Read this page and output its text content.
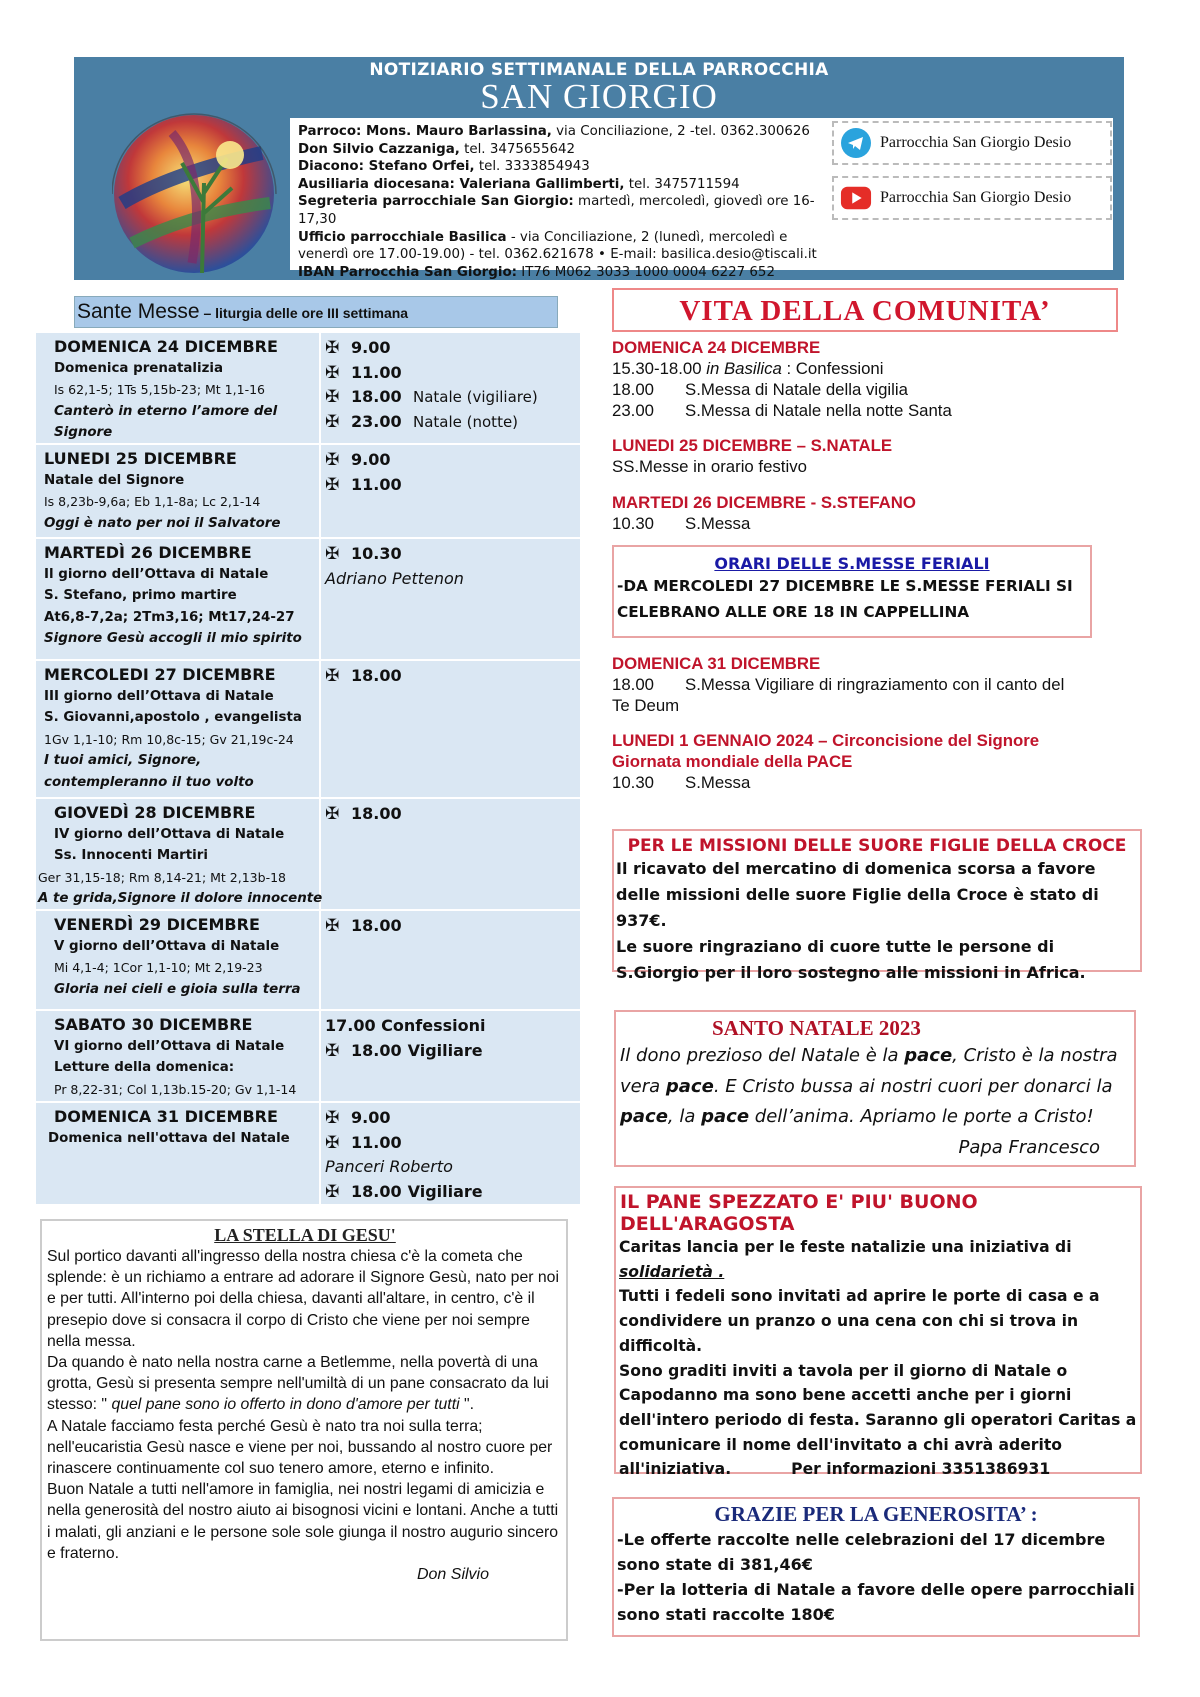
NOTIZIARIO SETTIMANALE DELLA PARROCCHIA
SAN GIORGIO
Parroco: Mons. Mauro Barlassina, via Conciliazione, 2 -tel. 0362.300626
Don Silvio Cazzaniga, tel. 3475655642
Diacono: Stefano Orfei, tel. 3333854943
Ausiliaria diocesana: Valeriana Gallimberti, tel. 3475711594
Segreteria parrocchiale San Giorgio: martedì, mercoledì, giovedì ore 16-17,30
Ufficio parrocchiale Basilica - via Conciliazione, 2 (lunedì, mercoledì e venerdì ore 17.00-19.00) - tel. 0362.621678 • E-mail: basilica.desio@tiscali.it
IBAN Parrocchia San Giorgio: IT76 M062 3033 1000 0004 6227 652
Parrocchia San Giorgio Desio
Parrocchia San Giorgio Desio
Sante Messe – liturgia delle ore III settimana
DOMENICA 24 DICEMBRE
Domenica prenatalizia
Is 62,1-5; 1Ts 5,15b-23; Mt 1,1-16
Canterò in eterno l’amore del Signore
✠ 9.00
✠ 11.00
✠ 18.00 Natale (vigiliare)
✠ 23.00 Natale (notte)
LUNEDI 25 DICEMBRE
Natale del Signore
Is 8,23b-9,6a; Eb 1,1-8a; Lc 2,1-14
Oggi è nato per noi il Salvatore
✠ 9.00
✠ 11.00
MARTEDÌ 26 DICEMBRE
Il giorno dell’Ottava di Natale
S. Stefano, primo martire
At6,8-7,2a; 2Tm3,16; Mt17,24-27
Signore Gesù accogli il mio spirito
✠ 10.30
Adriano Pettenon
MERCOLEDI 27 DICEMBRE
III giorno dell’Ottava di Natale
S. Giovanni,apostolo , evangelista
1Gv 1,1-10; Rm 10,8c-15; Gv 21,19c-24
I tuoi amici, Signore, contempleranno il tuo volto
✠ 18.00
GIOVEDÌ 28 DICEMBRE
IV giorno dell’Ottava di Natale
Ss. Innocenti Martiri
Ger 31,15-18; Rm 8,14-21; Mt 2,13b-18
A te grida,Signore il dolore innocente
✠ 18.00
VENERDÌ 29 DICEMBRE
V giorno dell’Ottava di Natale
Mi 4,1-4; 1Cor 1,1-10; Mt 2,19-23
Gloria nei cieli e gioia sulla terra
✠ 18.00
SABATO 30 DICEMBRE
VI giorno dell’Ottava di Natale
Letture della domenica:
Pr 8,22-31; Col 1,13b.15-20; Gv 1,1-14
17.00 Confessioni
✠ 18.00 Vigiliare
DOMENICA 31 DICEMBRE
Domenica nell'ottava del Natale
✠ 9.00
✠ 11.00
Panceri Roberto
✠ 18.00 Vigiliare
LA STELLA DI GESU'

Sul portico davanti all'ingresso della nostra chiesa c'è la cometa che splende: è un richiamo a entrare ad adorare il Signore Gesù, nato per noi e per tutti. All'interno poi della chiesa, davanti all'altare, in centro, c'è il presepio dove si consacra il corpo di Cristo che viene per noi sempre nella messa.

Da quando è nato nella nostra carne a Betlemme, nella povertà di una grotta, Gesù si presenta sempre nell'umiltà di un pane consacrato da lui stesso: " quel pane sono io offerto in dono d'amore per tutti ".

A Natale facciamo festa perché Gesù è nato tra noi sulla terra; nell'eucaristia Gesù nasce e viene per noi, bussando al nostro cuore per rinascere continuamente col suo tenero amore, eterno e infinito.

Buon Natale a tutti nell'amore in famiglia, nei nostri legami di amicizia e nella generosità del nostro aiuto ai bisognosi vicini e lontani. Anche a tutti i malati, gli anziani e le persone sole sole giunga il nostro augurio sincero e fraterno.

Don Silvio
VITA DELLA COMUNITA’
DOMENICA 24 DICEMBRE
15.30-18.00 in Basilica : Confessioni
18.00	S.Messa di Natale della vigilia
23.00	S.Messa di Natale nella notte Santa
LUNEDI 25 DICEMBRE – S.NATALE
SS.Messe in orario festivo
MARTEDI 26 DICEMBRE - S.STEFANO
10.30	S.Messa
ORARI DELLE S.MESSE FERIALI
-DA MERCOLEDI 27 DICEMBRE LE S.MESSE FERIALI SI CELEBRANO ALLE ORE 18 IN CAPPELLINA
DOMENICA 31 DICEMBRE
18.00	S.Messa Vigiliare di ringraziamento con il canto del
Te Deum
LUNEDI 1 GENNAIO 2024 – Circoncisione del Signore
Giornata mondiale della PACE
10.30	S.Messa
PER LE MISSIONI DELLE SUORE FIGLIE DELLA CROCE
Il ricavato del mercatino di domenica scorsa a favore delle missioni delle suore Figlie della Croce è stato di 937€.
Le suore ringraziano di cuore tutte le persone di S.Giorgio per il loro sostegno alle missioni in Africa.
SANTO NATALE 2023
Il dono prezioso del Natale è la pace, Cristo è la nostra vera pace. E Cristo bussa ai nostri cuori per donarci la pace, la pace dell’anima. Apriamo le porte a Cristo!
Papa Francesco
IL PANE SPEZZATO E' PIU' BUONO DELL'ARAGOSTA
Caritas lancia per le feste natalizie una iniziativa di
solidarietà .
Tutti i fedeli sono invitati ad aprire le porte di casa e a condividere un pranzo o una cena con chi si trova in difficoltà.
Sono graditi inviti a tavola per il giorno di Natale o Capodanno ma sono bene accetti anche per i giorni dell'intero periodo di festa. Saranno gli operatori Caritas a comunicare il nome dell'invitato a chi avrà aderito all'iniziativa.	Per informazioni 3351386931
GRAZIE PER LA GENEROSITA’ :
-Le offerte raccolte nelle celebrazioni del 17 dicembre sono state di 381,46€
-Per la lotteria di Natale a favore delle opere parrocchiali sono stati raccolte 180€
